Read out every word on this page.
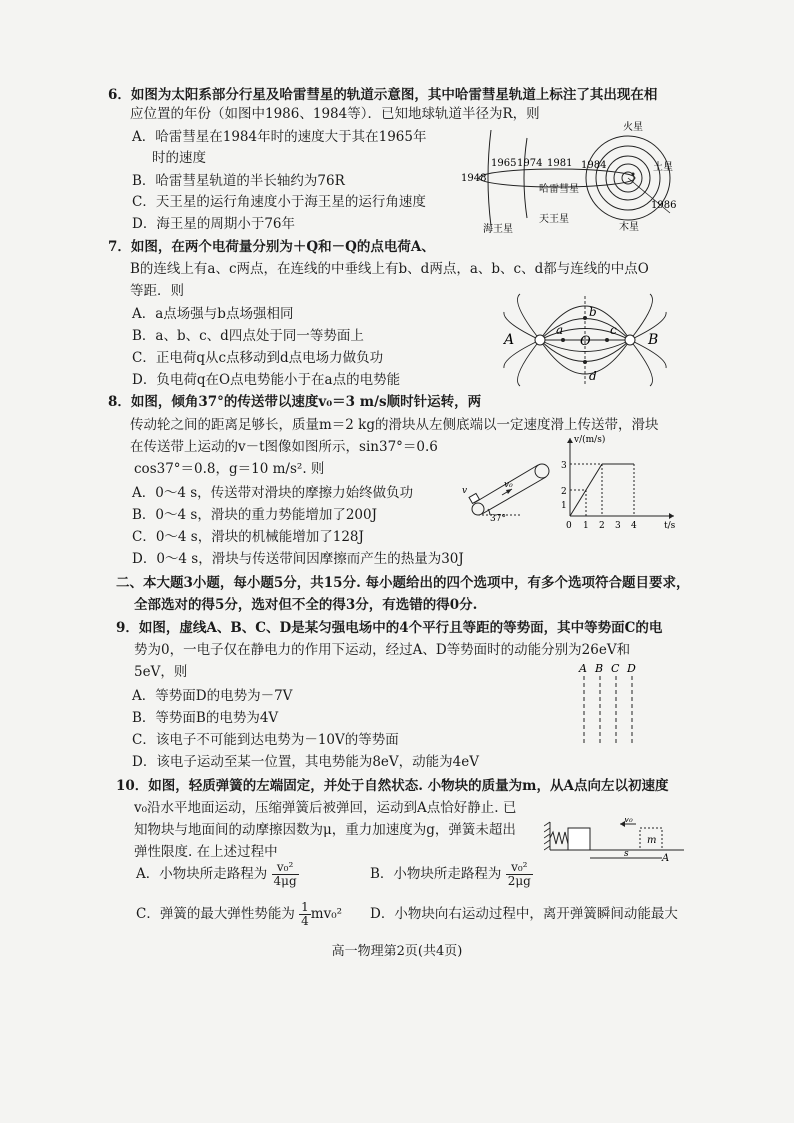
6．如图为太阳系部分行星及哈雷彗星的轨道示意图，其中哈雷彗星轨道上标注了其出现在相
应位置的年份（如图中1986、1984等）．已知地球轨道半径为R，则
A．哈雷彗星在1984年时的速度大于其在1965年
时的速度
B．哈雷彗星轨道的半长轴约为76R
C．天王星的运行角速度小于海王星的运行角速度
D．海王星的周期小于76年
1948
1965 1974 1981 1984
1986
火星
土星
哈雷彗星
木星
海王星
天王星
7．如图，在两个电荷量分别为＋Q和－Q的点电荷A、
B的连线上有a、c两点，在连线的中垂线上有b、d两点，a、b、c、d都与连线的中点O
等距．则
A．a点场强与b点场强相同
B．a、b、c、d四点处于同一等势面上
C．正电荷q从c点移动到d点电场力做负功
D．负电荷q在O点电势能小于在a点的电势能
A	B
a	c
b
d
O
8．如图，倾角37°的传送带以速度v₀＝3 m/s顺时针运转，两
传动轮之间的距离足够长，质量m＝2 kg的滑块从左侧底端以一定速度滑上传送带，滑块
在传送带上运动的v－t图像如图所示，sin37°＝0.6
cos37°＝0.8，g＝10 m/s². 则
A．0～4 s，传送带对滑块的摩擦力始终做负功
B．0～4 s，滑块的重力势能增加了200J
C．0～4 s，滑块的机械能增加了128J
D．0～4 s，滑块与传送带间因摩擦而产生的热量为30J
v
v₀
37°
v/(m/s)
t/s
3
2
1
0 1 2 3 4
二、本大题3小题，每小题5分，共15分. 每小题给出的四个选项中，有多个选项符合题目要求，
全部选对的得5分，选对但不全的得3分，有选错的得0分.
9．如图，虚线A、B、C、D是某匀强电场中的4个平行且等距的等势面，其中等势面C的电
势为0，一电子仅在静电力的作用下运动，经过A、D等势面时的动能分别为26eV和
5eV，则
A．等势面D的电势为－7V
B．等势面B的电势为4V
C．该电子不可能到达电势为－10V的等势面
D．该电子运动至某一位置，其电势能为8eV，动能为4eV
A B C D
10．如图，轻质弹簧的左端固定，并处于自然状态. 小物块的质量为m，从A点向左以初速度
v₀沿水平地面运动，压缩弹簧后被弹回，运动到A点恰好静止. 已
知物块与地面间的动摩擦因数为μ，重力加速度为g，弹簧未超出
弹性限度. 在上述过程中
A．小物块所走路程为 $\frac{\text{v₀²}}{4\mu g}$	B．小物块所走路程为 $\frac{\text{v₀²}}{2\mu g}$
C．弹簧的最大弹性势能为 $\frac{1}{4} mv_0^2$ D．小物块向右运动过程中，离开弹簧瞬间动能最大
v₀
m
s	A
高一物理第2页(共4页)
